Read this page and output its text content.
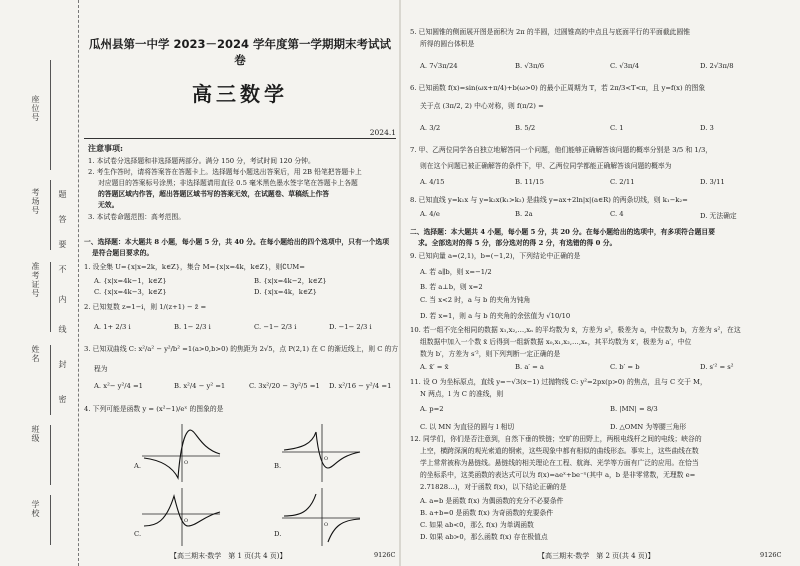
学校
班级
姓名
准考证号
考场号
座位号
密
封
线
内
不
要
答
题
瓜州县第一中学 2023－2024 学年度第一学期期末考试试卷
高三数学
2024.1
注意事项:
1. 本试卷分选择题和非选择题两部分。满分 150 分，考试时间 120 分钟。
2. 考生作答时，请将答案答在答题卡上。选择题每小题选出答案后，用 2B 铅笔把答题卡上
对应题目的答案标号涂黑；非选择题请用直径 0.5 毫米黑色墨水签字笔在答题卡上各题
的答题区域内作答，超出答题区域书写的答案无效，在试题卷、草稿纸上作答
无效。
3. 本试卷命题范围：高考范围。
一、选择题：本大题共 8 小题，每小题 5 分，共 40 分。在每小题给出的四个选项中，只有一个选项
是符合题目要求的。
1. 设全集 U={x|x=2k，k∈Z}，集合 M={x|x=4k，k∈Z}，则∁UM=
A. {x|x=4k−1，k∈Z}	B. {x|x=4k−2，k∈Z}
C. {x|x=4k−3，k∈Z}	D. {x|x=4k，k∈Z}
2. 已知复数 z=1−i，则 1/(z+1) − z̄ =
A. 1+ 2/3 i	B. 1− 2/3 i	C. −1− 2/3 i	D. −1− 2/3 i
3. 已知双曲线 C: x²/a² − y²/b² =1(a>0,b>0) 的焦距为 2√5，点 P(2,1) 在 C 的渐近线上，则 C 的方
程为
A. x²− y²/4 =1	B. x²/4 − y² =1	C. 3x²/20 − 3y²/5 =1 D. x²/16 − y²/4 =1
4. 下列可能是函数 y = (x²−1)/eˣ 的图象的是
A.	O	B.
O
C.
O
D.
O
【高三期末·数学　第 1 页(共 4 页)】	9126C
5. 已知圆锥的侧面展开图是面积为 2π 的半圆，过圆锥高的中点且与底面平行的平面截此圆锥
所得的圆台体积是
A. 7√3π/24	B. √3π/6	C. √3π/4	D. 2√3π/8
6. 已知函数 f(x)=sin(ωx+π/4)+b(ω>0) 的最小正周期为 T，若 2π/3<T<π，且 y=f(x) 的图象
关于点 (3π/2, 2) 中心对称，则 f(π/2) =
A. 3/2	B. 5/2	C. 1	D. 3
7. 甲、乙两位同学各自独立地解答同一个问题，他们能够正确解答该问题的概率分别是 3/5 和 1/3，
则在这个问题已被正确解答的条件下，甲、乙两位同学都能正确解答该问题的概率为
A. 4/15	B. 11/15	C. 2/11	D. 3/11
8. 已知直线 y=k₁x 与 y=k₂x(k₁>k₂) 是曲线 y=ax+2ln|x|(a∈R) 的两条切线，则 k₁−k₂=
A. 4/e	B. 2a	C. 4	D. 无法确定
二、选择题：本大题共 4 小题，每小题 5 分，共 20 分。在每小题给出的选项中，有多项符合题目要
求。全部选对的得 5 分，部分选对的得 2 分，有选错的得 0 分。
9. 已知向量 a=(2,1)，b=(−1,2)，下列结论中正确的是
A. 若 a∥b，则 x=−1/2
B. 若 a⊥b，则 x=2
C. 当 x<2 时，a 与 b 的夹角为钝角
D. 若 x=1，则 a 与 b 的夹角的余弦值为 √10/10
10. 若一组不完全相同的数据 x₁,x₂,…,xₙ 的平均数为 x̄，方差为 s²，极差为 a，中位数为 b，方差为 s²，在这
组数据中加入一个数 x̄ 后得到一组新数据 x₀,x₁,x₂,…,xₙ，其平均数为 x̄′，极差为 a′，中位
数为 b′，方差为 s′²，则下列判断一定正确的是
A. x̄′ = x̄	B. a′ = a	C. b′ = b	D. s′² = s²
11. 设 O 为坐标原点，直线 y=−√3(x−1) 过抛物线 C: y²=2px(p>0) 的焦点，且与 C 交于 M，
N 两点，l 为 C 的准线，则
A. p=2	B. |MN| = 8/3
C. 以 MN 为直径的圆与 l 相切	D. △OMN 为等腰三角形
12. 同学们，你们是否注意到，自然下垂的铁链；空旷的田野上，两根电线杆之间的电线；峡谷的
上空，横跨深涧的观光索道的钢索，这些现象中都有相似的曲线形态。事实上，这些曲线在数
学上常常被称为悬链线。悬链线的相关理论在工程、航海、光学等方面有广泛的应用。在恰当
的坐标系中，这类函数的表达式可以为 f(x)=aeˣ+be⁻ˣ(其中 a，b 是非零常数，无理数 e=
2.71828…)，对于函数 f(x)，以下结论正确的是
A. a=b 是函数 f(x) 为偶函数的充分不必要条件
B. a+b=0 是函数 f(x) 为奇函数的充要条件
C. 如果 ab<0，那么 f(x) 为单调函数
D. 如果 ab>0，那么函数 f(x) 存在极值点
【高三期末·数学　第 2 页(共 4 页)】	9126C
